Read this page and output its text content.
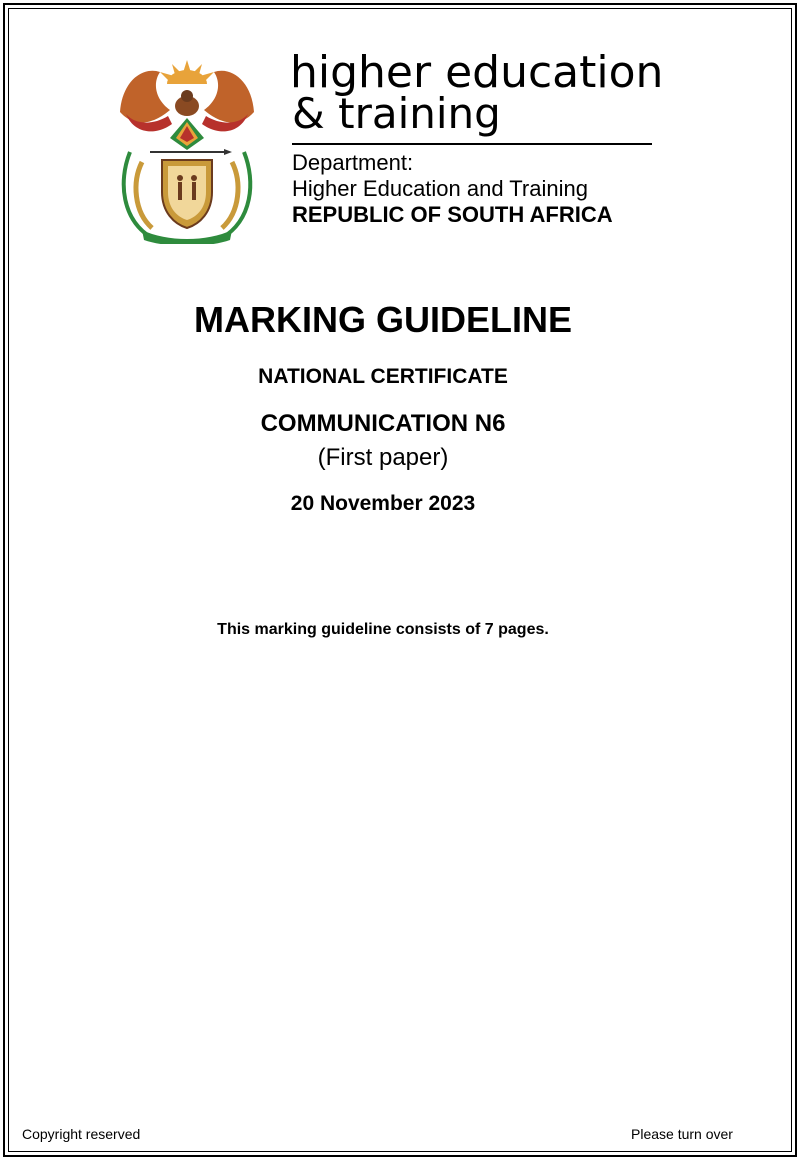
higher education
& training
Department:
Higher Education and Training
REPUBLIC OF SOUTH AFRICA
MARKING GUIDELINE
NATIONAL CERTIFICATE
COMMUNICATION N6
(First paper)
20 November 2023
This marking guideline consists of 7 pages.
Copyright reserved	Please turn over
